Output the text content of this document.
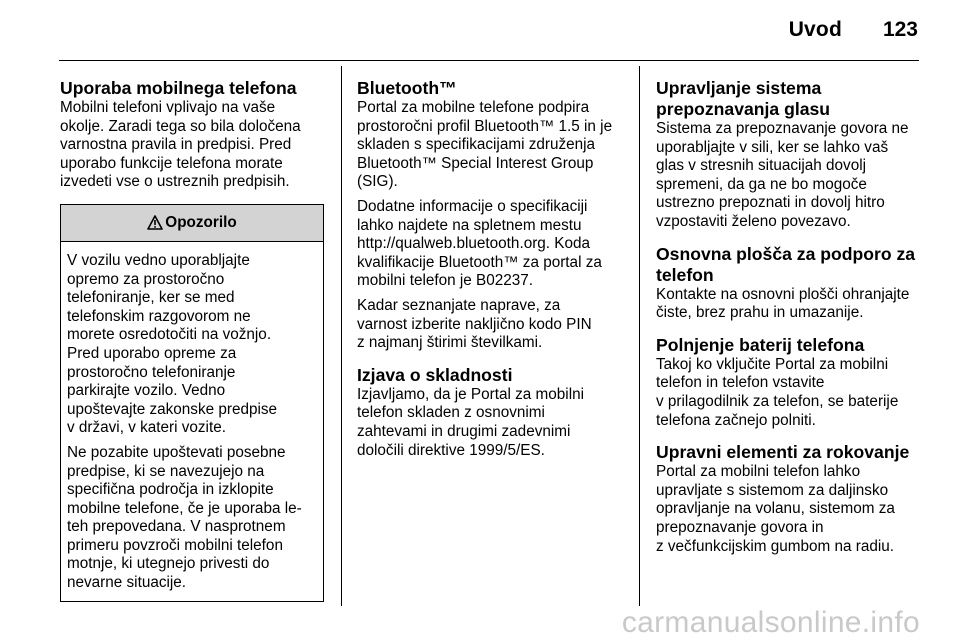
Uvod 123
Uporaba mobilnega telefona

Mobilni telefoni vplivajo na vaše
okolje. Zaradi tega so bila določena
varnostna pravila in predpisi. Pred
uporabo funkcije telefona morate
izvedeti vse o ustreznih predpisih.

Opozorilo

V vozilu vedno uporabljajte
opremo za prostoročno
telefoniranje, ker se med
telefonskim razgovorom ne
morete osredotočiti na vožnjo.
Pred uporabo opreme za
prostoročno telefoniranje
parkirajte vozilo. Vedno
upoštevajte zakonske predpise
v državi, v kateri vozite.

Ne pozabite upoštevati posebne
predpise, ki se navezujejo na
specifična področja in izklopite
mobilne telefone, če je uporaba le-
teh prepovedana. V nasprotnem
primeru povzroči mobilni telefon
motnje, ki utegnejo privesti do
nevarne situacije.

Bluetooth™

Portal za mobilne telefone podpira
prostoročni profil Bluetooth™ 1.5 in je
skladen s specifikacijami združenja
Bluetooth™ Special Interest Group
(SIG).

Dodatne informacije o specifikaciji
lahko najdete na spletnem mestu
http://qualweb.bluetooth.org. Koda
kvalifikacije Bluetooth™ za portal za
mobilni telefon je B02237.

Kadar seznanjate naprave, za
varnost izberite nakljično kodo PIN
z najmanj štirimi številkami.

Izjava o skladnosti

Izjavljamo, da je Portal za mobilni
telefon skladen z osnovnimi
zahtevami in drugimi zadevnimi
določili direktive 1999/5/ES.

Upravljanje sistema
prepoznavanja glasu

Sistema za prepoznavanje govora ne
uporabljajte v sili, ker se lahko vaš
glas v stresnih situacijah dovolj
spremeni, da ga ne bo mogoče
ustrezno prepoznati in dovolj hitro
vzpostaviti želeno povezavo.

Osnovna plošča za podporo za
telefon

Kontakte na osnovni plošči ohranjajte
čiste, brez prahu in umazanije.

Polnjenje baterij telefona

Takoj ko vključite Portal za mobilni
telefon in telefon vstavite
v prilagodilnik za telefon, se baterije
telefona začnejo polniti.

Upravni elementi za rokovanje

Portal za mobilni telefon lahko
upravljate s sistemom za daljinsko
opravljanje na volanu, sistemom za
prepoznavanje govora in
z večfunkcijskim gumbom na radiu.

carmanualsonline.info
